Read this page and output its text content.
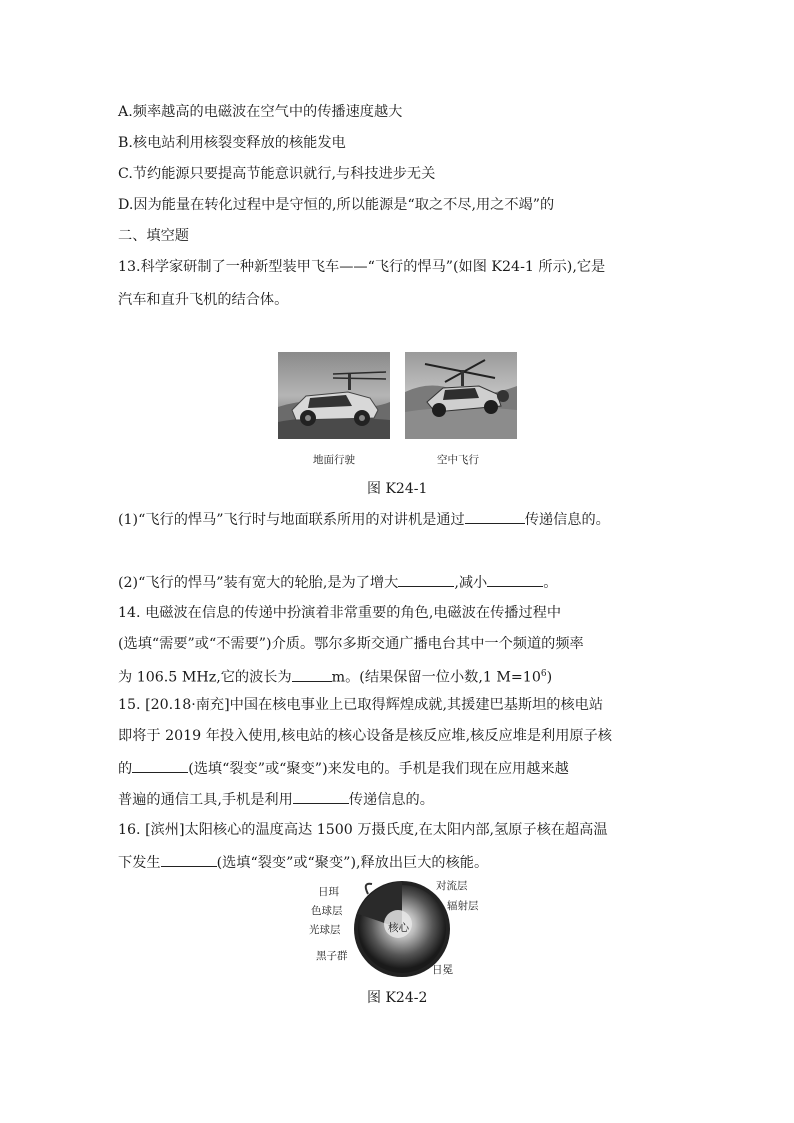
A.频率越高的电磁波在空气中的传播速度越大
B.核电站利用核裂变释放的核能发电
C.节约能源只要提高节能意识就行,与科技进步无关
D.因为能量在转化过程中是守恒的,所以能源是“取之不尽,用之不竭”的
二、填空题
13.科学家研制了一种新型装甲飞车——“飞行的悍马”(如图 K24-1 所示),它是
汽车和直升飞机的结合体。
地面行驶	空中飞行
图 K24-1
(1)“飞行的悍马”飞行时与地面联系所用的对讲机是通过	传递信息的。
(2)“飞行的悍马”装有宽大的轮胎,是为了增大	,减小	。
14. 电磁波在信息的传递中扮演着非常重要的角色,电磁波在传播过程中
(选填“需要”或“不需要”)介质。鄂尔多斯交通广播电台其中一个频道的频率
为 106.5 MHz,它的波长为	m。(结果保留一位小数,1 $M=10^6$)
15. [20.18·南充]中国在核电事业上已取得辉煌成就,其援建巴基斯坦的核电站
即将于 2019 年投入使用,核电站的核心设备是核反应堆,核反应堆是利用原子核
的	(选填“裂变”或“聚变”)来发电的。手机是我们现在应用越来越
普遍的通信工具,手机是利用	传递信息的。
16. [滨州]太阳核心的温度高达 1500 万摄氏度,在太阳内部,氢原子核在超高温
下发生	(选填“裂变”或“聚变”),释放出巨大的核能。
日珥
色球层
光球层
黑子群
对流层
辐射层
核心
日冕
图 K24-2
